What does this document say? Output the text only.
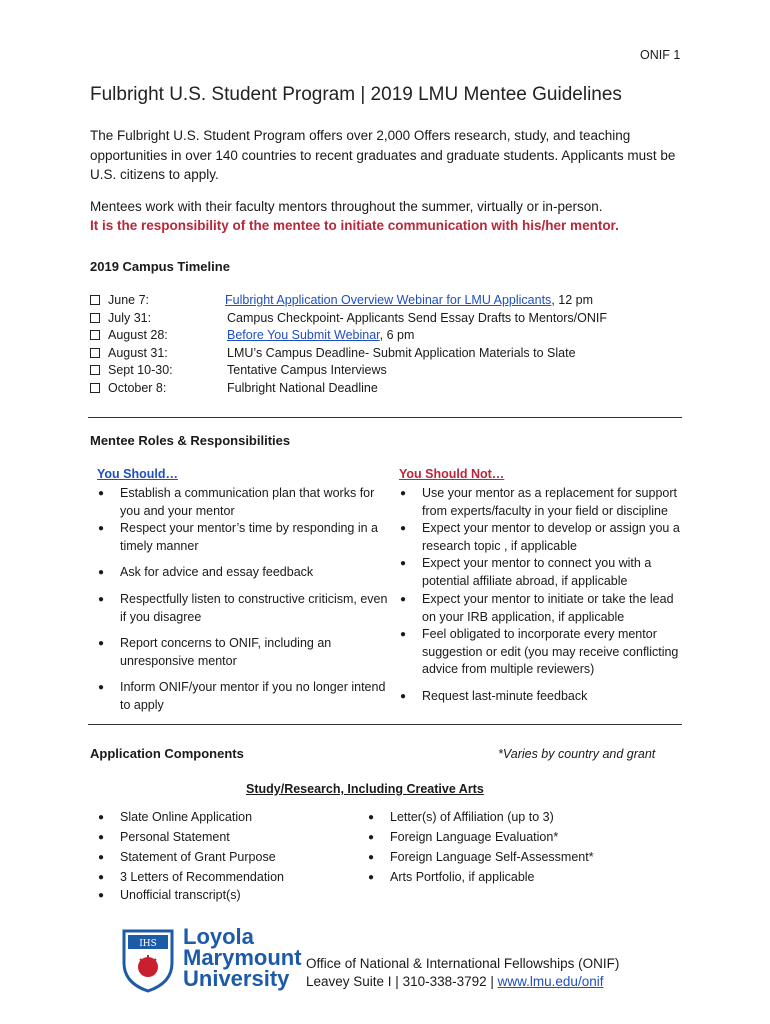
ONIF 1
Fulbright U.S. Student Program | 2019 LMU Mentee Guidelines
The Fulbright U.S. Student Program offers over 2,000 Offers research, study, and teaching opportunities in over 140 countries to recent graduates and graduate students. Applicants must be U.S. citizens to apply.
Mentees work with their faculty mentors throughout the summer, virtually or in-person.
It is the responsibility of the mentee to initiate communication with his/her mentor.
2019 Campus Timeline
June 7:	Fulbright Application Overview Webinar for LMU Applicants, 12 pm
July 31:	Campus Checkpoint- Applicants Send Essay Drafts to Mentors/ONIF
August 28:	Before You Submit Webinar, 6 pm
August 31:	LMU’s Campus Deadline- Submit Application Materials to Slate
Sept 10-30:	Tentative Campus Interviews
October 8:	Fulbright National Deadline
Mentee Roles & Responsibilities
You Should…	You Should Not…
●	Establish a communication plan that works for you and your mentor
●	Respect your mentor’s time by responding in a timely manner
●	Ask for advice and essay feedback
●	Respectfully listen to constructive criticism, even if you disagree
●	Report concerns to ONIF, including an unresponsive mentor
●	Inform ONIF/your mentor if you no longer intend to apply
●	Use your mentor as a replacement for support from experts/faculty in your field or discipline
●	Expect your mentor to develop or assign you a research topic , if applicable
●	Expect your mentor to connect you with a potential affiliate abroad, if applicable
●	Expect your mentor to initiate or take the lead on your IRB application, if applicable
●	Feel obligated to incorporate every mentor suggestion or edit (you may receive conflicting advice from multiple reviewers)
●	Request last-minute feedback
Application Components	*Varies by country and grant
Study/Research, Including Creative Arts
●	Slate Online Application
●	Personal Statement
●	Statement of Grant Purpose
●	3 Letters of Recommendation
●	Unofficial transcript(s)
●	Letter(s) of Affiliation (up to 3)
●	Foreign Language Evaluation*
●	Foreign Language Self-Assessment*
●	Arts Portfolio, if applicable
IHS Loyola
Marymount
University
Office of National & International Fellowships (ONIF)
Leavey Suite I | 310-338-3792 | www.lmu.edu/onif
